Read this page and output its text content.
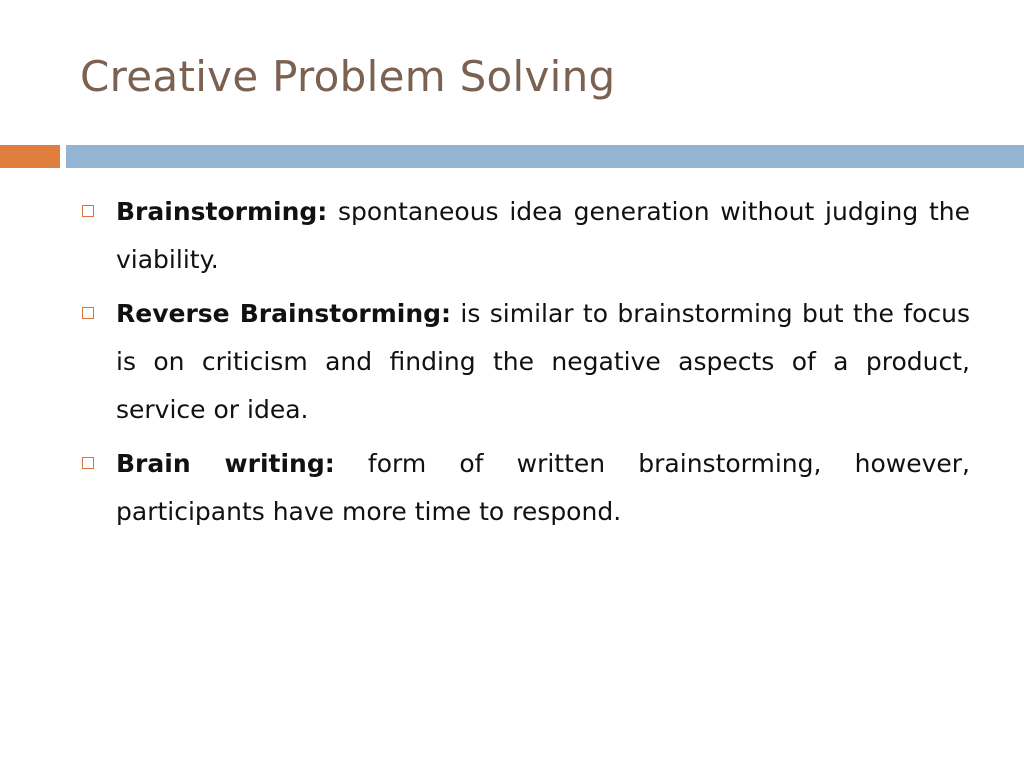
Creative Problem Solving
Brainstorming: spontaneous idea generation without judging the viability.
Reverse Brainstorming: is similar to brainstorming but the focus is on criticism and finding the negative aspects of a product, service or idea.
Brain writing: form of written brainstorming, however, participants have more time to respond.
